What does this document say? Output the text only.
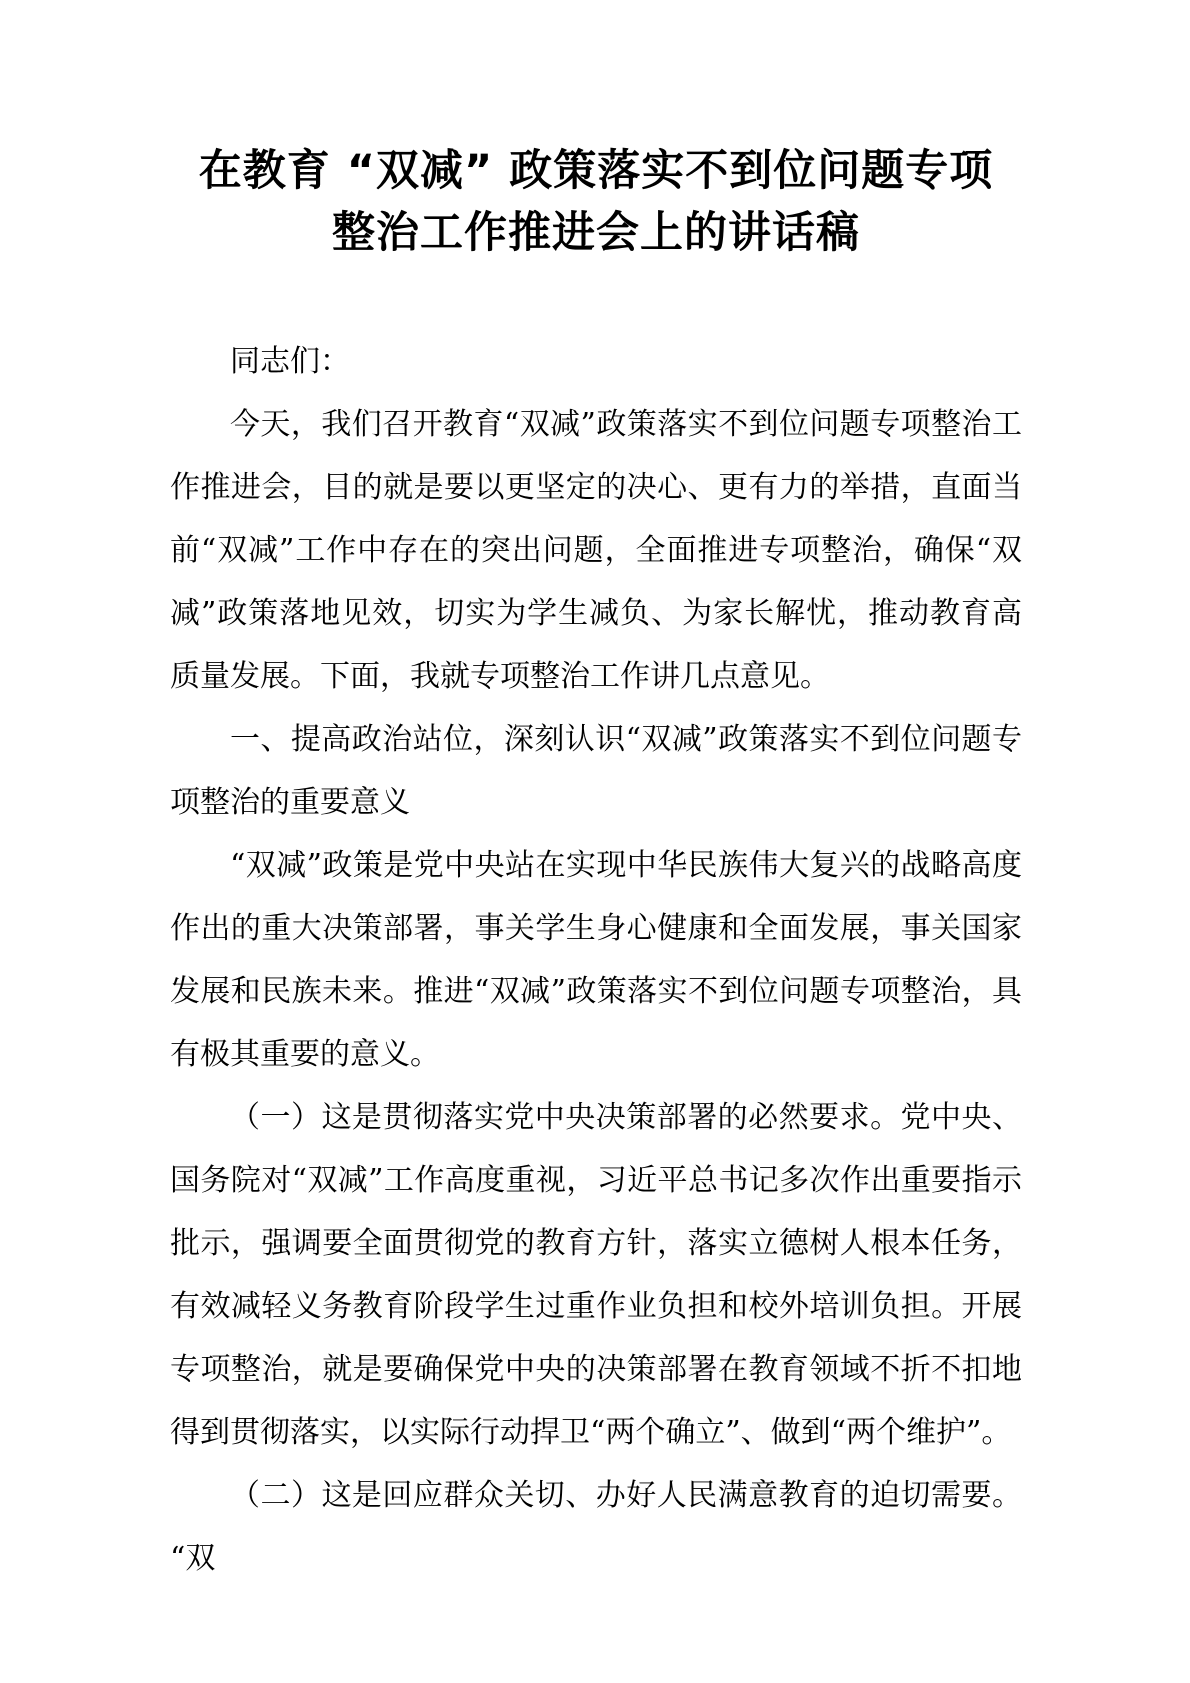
在教育 “双减” 政策落实不到位问题专项
整治工作推进会上的讲话稿

同志们：

今天，我们召开教育“双减”政策落实不到位问题专项整治工作推进会，目的就是要以更坚定的决心、更有力的举措，直面当前“双减”工作中存在的突出问题，全面推进专项整治，确保“双减”政策落地见效，切实为学生减负、为家长解忧，推动教育高质量发展。下面，我就专项整治工作讲几点意见。

一、提高政治站位，深刻认识“双减”政策落实不到位问题专项整治的重要意义

“双减”政策是党中央站在实现中华民族伟大复兴的战略高度作出的重大决策部署，事关学生身心健康和全面发展，事关国家发展和民族未来。推进“双减”政策落实不到位问题专项整治，具有极其重要的意义。

（一）这是贯彻落实党中央决策部署的必然要求。党中央、国务院对“双减”工作高度重视，习近平总书记多次作出重要指示批示，强调要全面贯彻党的教育方针，落实立德树人根本任务，有效减轻义务教育阶段学生过重作业负担和校外培训负担。开展专项整治，就是要确保党中央的决策部署在教育领域不折不扣地得到贯彻落实，以实际行动捍卫“两个确立”、做到“两个维护”。

（二）这是回应群众关切、办好人民满意教育的迫切需要。“双
